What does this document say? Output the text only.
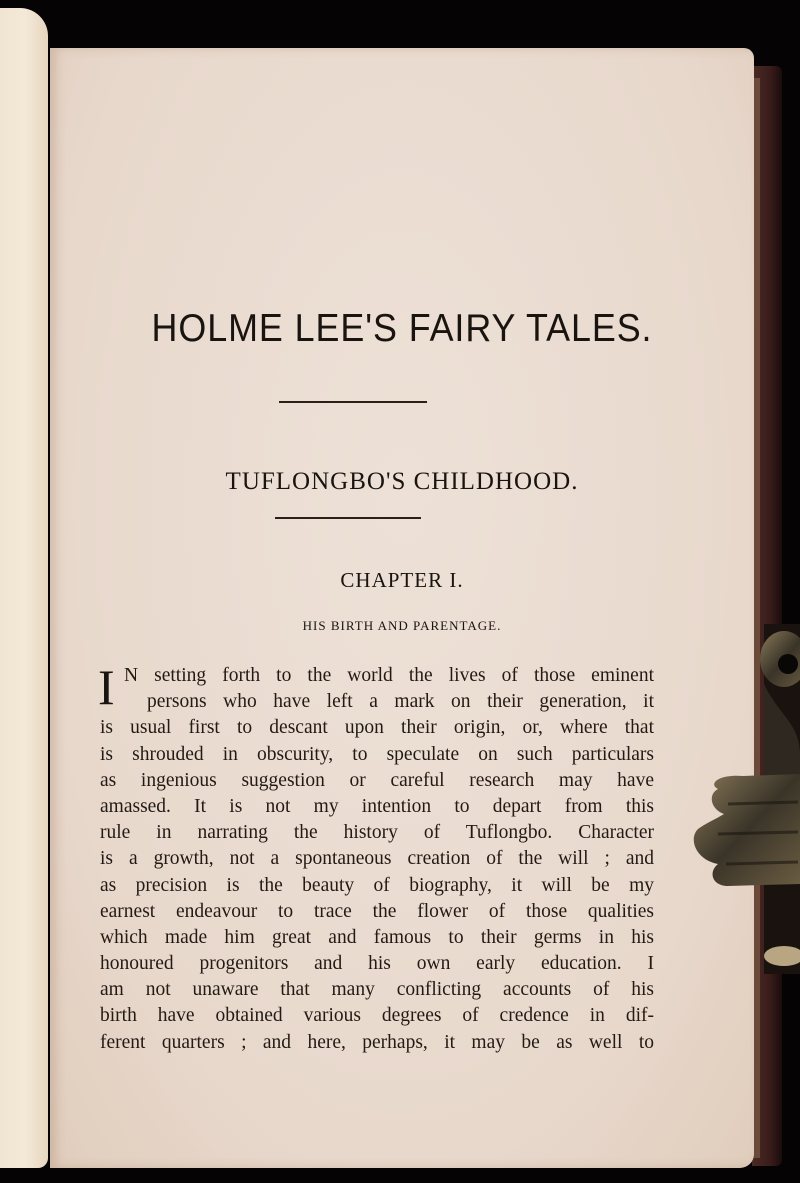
HOLME LEE'S FAIRY TALES.
TUFLONGBO'S CHILDHOOD.
CHAPTER I.
HIS BIRTH AND PARENTAGE.
I N setting forth to the world the lives of those eminent
persons who have left a mark on their generation, it
is usual first to descant upon their origin, or, where that
is shrouded in obscurity, to speculate on such particulars
as ingenious suggestion or careful research may have
amassed. It is not my intention to depart from this
rule in narrating the history of Tuflongbo. Character
is a growth, not a spontaneous creation of the will ; and
as precision is the beauty of biography, it will be my
earnest endeavour to trace the flower of those qualities
which made him great and famous to their germs in his
honoured progenitors and his own early education. I
am not unaware that many conflicting accounts of his
birth have obtained various degrees of credence in dif-
ferent quarters ; and here, perhaps, it may be as well to
